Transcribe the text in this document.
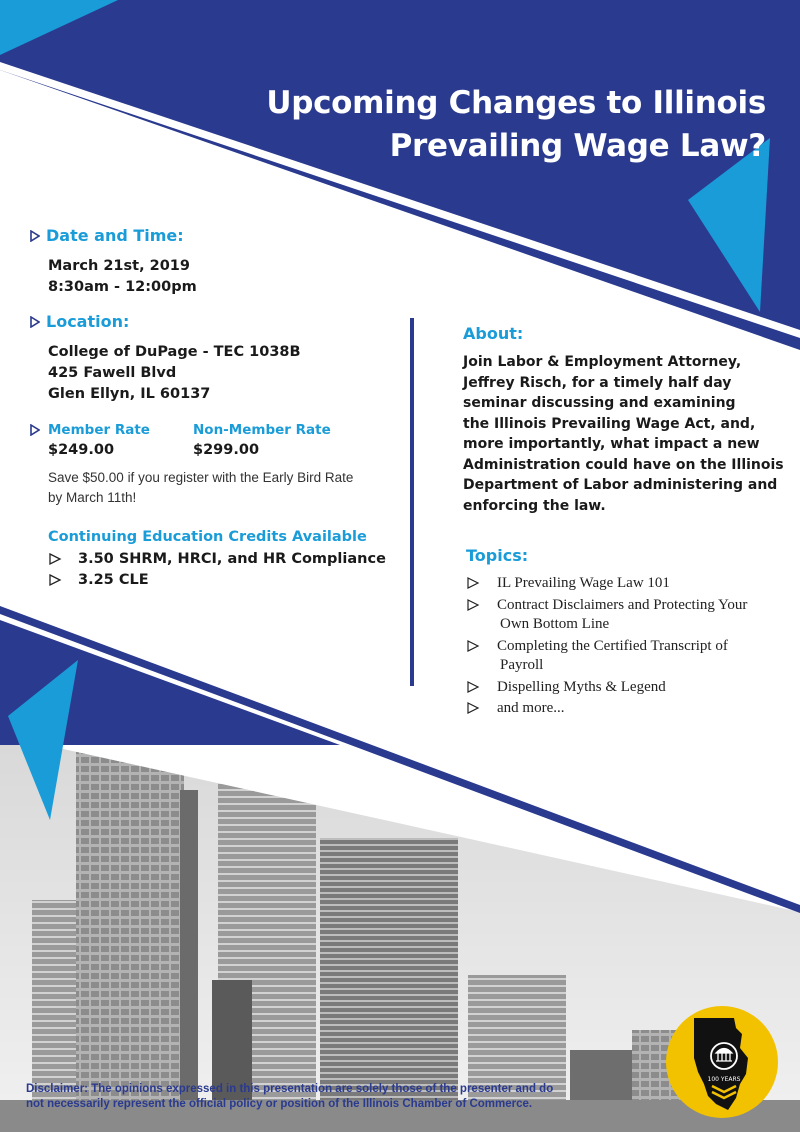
Upcoming Changes to Illinois
Prevailing Wage Law?
Date and Time:
March 21st, 2019
8:30am - 12:00pm
Location:
College of DuPage - TEC 1038B
425 Fawell Blvd
Glen Ellyn, IL 60137
Member Rate
$249.00
Non-Member Rate
$299.00
Save $50.00 if you register with the Early Bird Rate
by March 11th!
Continuing Education Credits Available
3.50 SHRM, HRCI, and HR Compliance
3.25 CLE
About:
Join Labor & Employment Attorney,
Jeffrey Risch, for a timely half day
seminar discussing and examining
the Illinois Prevailing Wage Act, and,
more importantly, what impact a new
Administration could have on the Illinois
Department of Labor administering and
enforcing the law.
Topics:
IL Prevailing Wage Law 101
Contract Disclaimers and Protecting Your
Own Bottom Line
Completing the Certified Transcript of
Payroll
Dispelling Myths & Legend
and more...
Disclaimer: The opinions expressed in this presentation are solely those of the presenter and do
not necessarily represent the official policy or position of the Illinois Chamber of Commerce.
100 YEARS
